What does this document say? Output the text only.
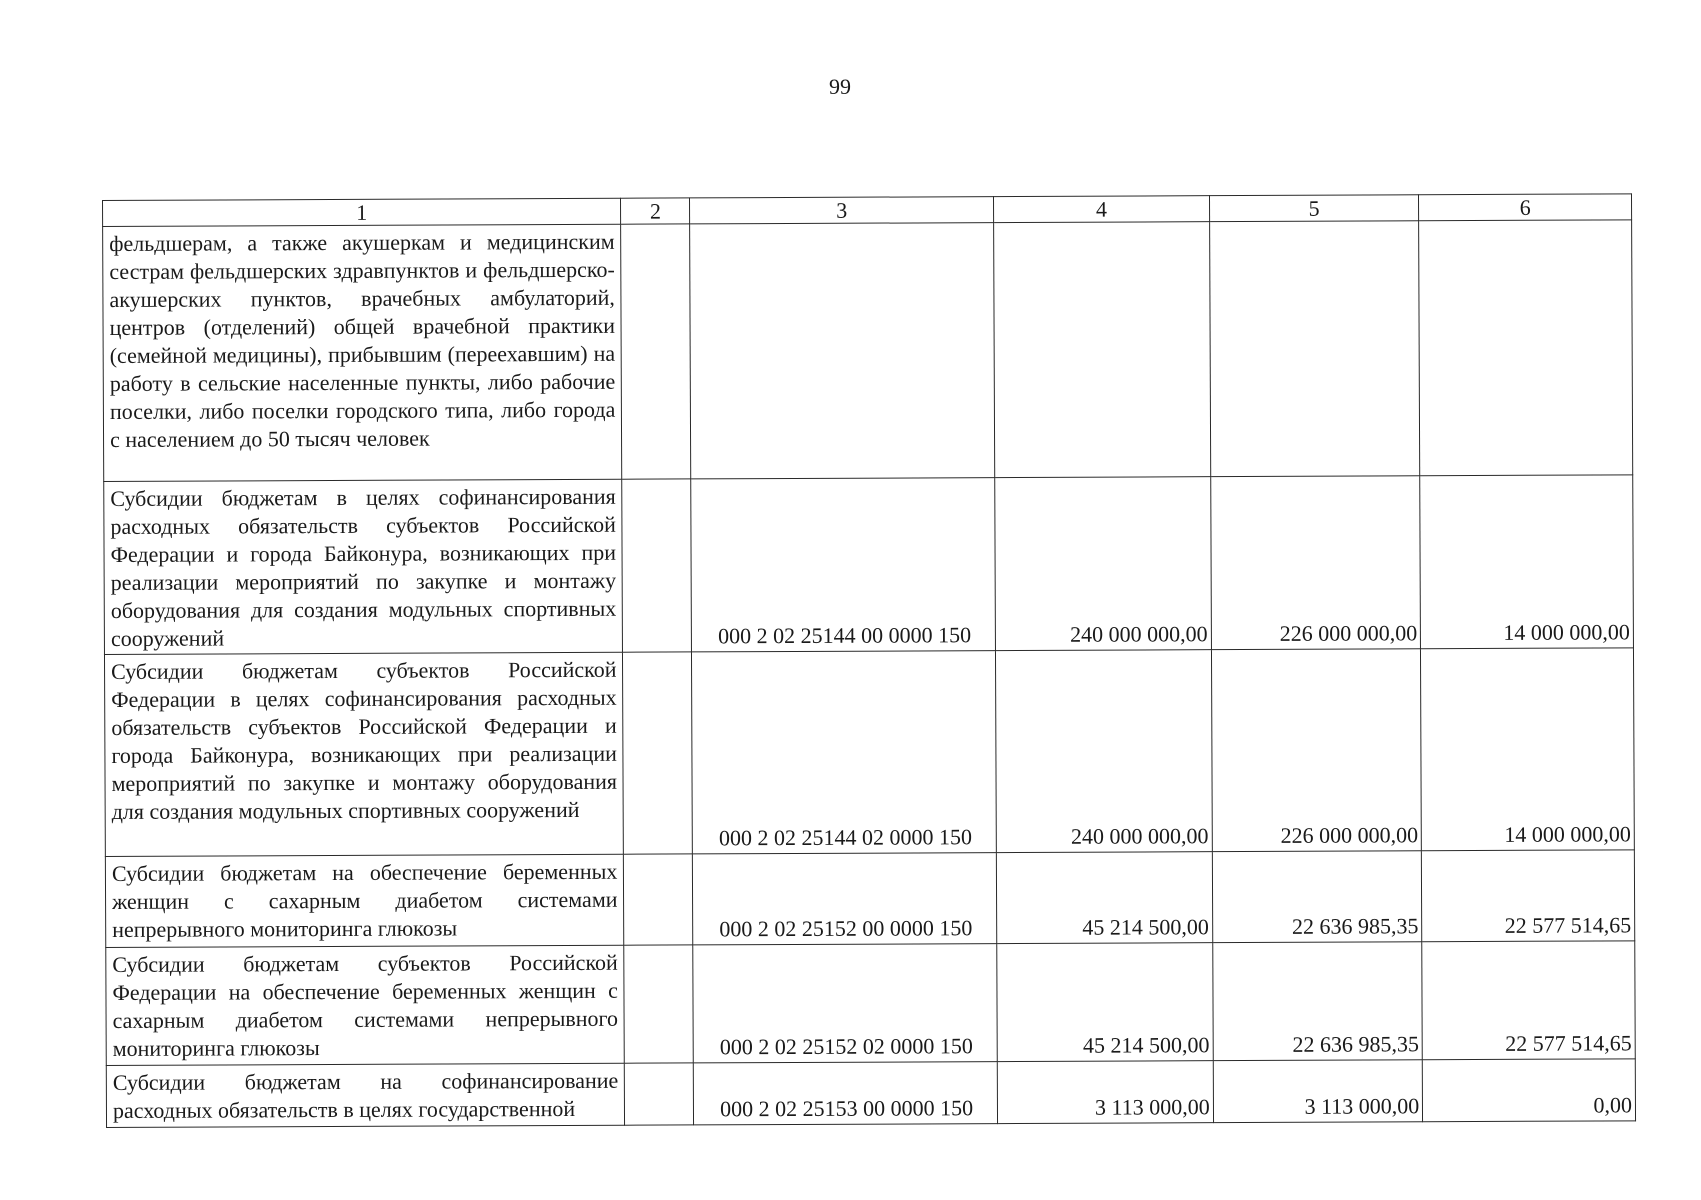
99
1	2	3	4	5	6
фельдшерам, а также акушеркам и медицинским сестрам фельдшерских здравпунктов и фельдшерско-акушерских пунктов, врачебных амбулаторий, центров (отделений) общей врачебной практики (семейной медицины), прибывшим (переехавшим) на работу в сельские населенные пункты, либо рабочие поселки, либо поселки городского типа, либо города с населением до 50 тысяч человек					
Субсидии бюджетам в целях софинансирования расходных обязательств субъектов Российской Федерации и города Байконура, возникающих при реализации мероприятий по закупке и монтажу оборудования для создания модульных спортивных сооружений		000 2 02 25144 00 0000 150	240 000 000,00	226 000 000,00	14 000 000,00
Субсидии бюджетам субъектов Российской Федерации в целях софинансирования расходных обязательств субъектов Российской Федерации и города Байконура, возникающих при реализации мероприятий по закупке и монтажу оборудования для создания модульных спортивных сооружений		000 2 02 25144 02 0000 150	240 000 000,00	226 000 000,00	14 000 000,00
Субсидии бюджетам на обеспечение беременных женщин с сахарным диабетом системами непрерывного мониторинга глюкозы		000 2 02 25152 00 0000 150	45 214 500,00	22 636 985,35	22 577 514,65
Субсидии бюджетам субъектов Российской Федерации на обеспечение беременных женщин с сахарным диабетом системами непрерывного мониторинга глюкозы		000 2 02 25152 02 0000 150	45 214 500,00	22 636 985,35	22 577 514,65

Субсидии бюджетам на софинансирование расходных обязательств в целях государственной		000 2 02 25153 00 0000 150	3 113 000,00	3 113 000,00	0,00
